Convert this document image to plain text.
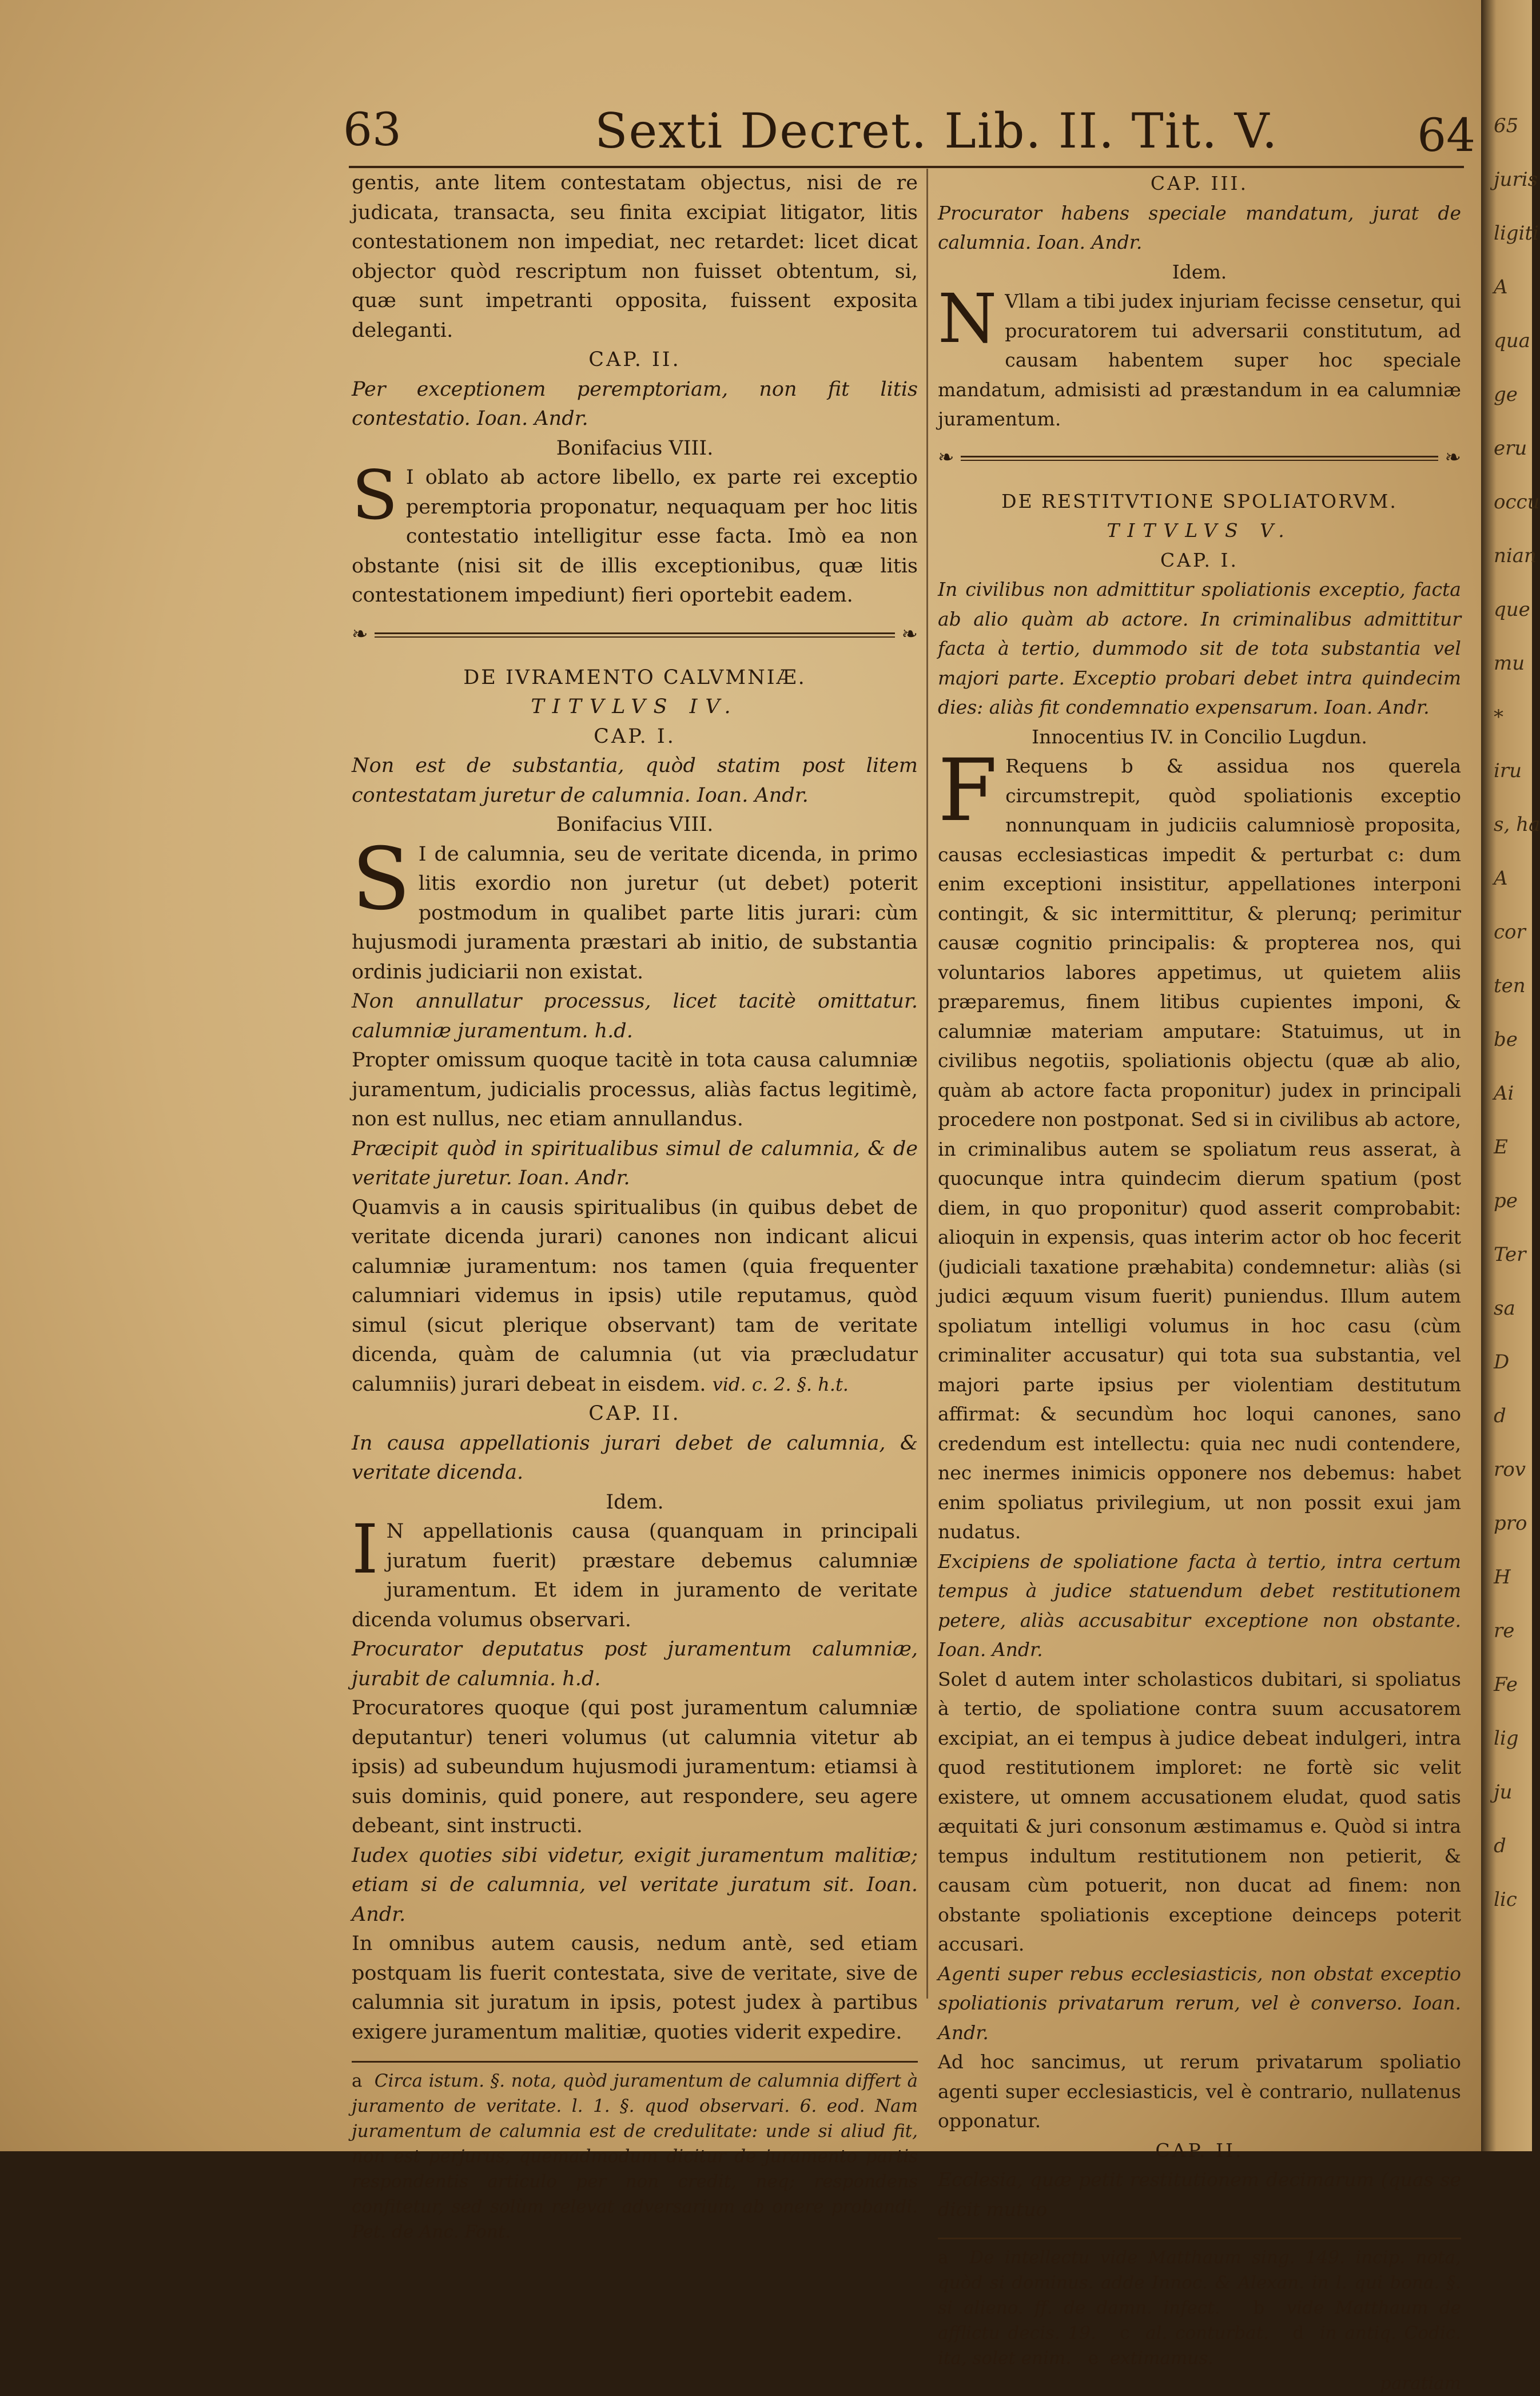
63	Sexti Decret. Lib. II. Tit. V.	64

gentis, ante litem contestatam objectus, nisi de re judicata, transacta, seu finita excipiat litigator, litis contestationem non impediat, nec retardet: licet dicat objector quòd rescriptum non fuisset obtentum, si, quæ sunt impetranti opposita, fuissent exposita deleganti.

CAP. II.

Per exceptionem peremptoriam, non fit litis contestatio. Ioan. Andr.

Bonifacius VIII.

S I oblato ab actore libello, ex parte rei exceptio peremptoria proponatur, nequaquam per hoc litis contestatio intelligitur esse facta. Imò ea non obstante (nisi sit de illis exceptionibus, quæ litis contestationem impediunt) fieri oportebit eadem.

❧ ❧

DE IVRAMENTO CALVMNIÆ.

TITVLVS IV.

CAP. I.

Non est de substantia, quòd statim post litem contestatam juretur de calumnia. Ioan. Andr.

Bonifacius VIII.

S I de calumnia, seu de veritate dicenda, in primo litis exordio non juretur (ut debet) poterit postmodum in qualibet parte litis jurari: cùm hujusmodi juramenta præstari ab initio, de substantia ordinis judiciarii non existat.

Non annullatur processus, licet tacitè omittatur. calumniæ juramentum. h.d.

Propter omissum quoque tacitè in tota causa calumniæ juramentum, judicialis processus, aliàs factus legitimè, non est nullus, nec etiam annullandus.

Præcipit quòd in spiritualibus simul de calumnia, & de veritate juretur. Ioan. Andr.

Quamvis a in causis spiritualibus (in quibus debet de veritate dicenda jurari) canones non indicant alicui calumniæ juramentum: nos tamen (quia frequenter calumniari videmus in ipsis) utile reputamus, quòd simul (sicut plerique observant) tam de veritate dicenda, quàm de calumnia (ut via præcludatur calumniis) jurari debeat in eisdem. vid. c. 2. §. h.t.

CAP. II.

In causa appellationis jurari debet de calumnia, & veritate dicenda.

Idem.

I N appellationis causa (quanquam in principali juratum fuerit) præstare debemus calumniæ juramentum. Et idem in juramento de veritate dicenda volumus observari.

Procurator deputatus post juramentum calumniæ, jurabit de calumnia. h.d.

Procuratores quoque (qui post juramentum calumniæ deputantur) teneri volumus (ut calumnia vitetur ab ipsis) ad subeundum hujusmodi juramentum: etiamsi à suis dominis, quid ponere, aut respondere, seu agere debeant, sint instructi.

Iudex quoties sibi videtur, exigit juramentum malitiæ; etiam si de calumnia, vel veritate juratum sit. Ioan. Andr.

In omnibus autem causis, nedum antè, sed etiam postquam lis fuerit contestata, sive de veritate, sive de calumnia sit juratum in ipsis, potest judex à partibus exigere juramentum malitiæ, quoties viderit expedire.

a Circa istum. §. nota, quòd juramentum de calumnia differt à juramento de veritate. l. 1. §. quod observari. 6. eod. Nam juramentum de calumnia est de credulitate: unde si aliud fit, non est perjurus, quemadmodum dicitur de juramento partis respondentis articulo per non credit, neq; respondens confitetur, sed solùm relevat adversarium ab onere probandi. Pet. de Anc. Font.

CAP. III.

Procurator habens speciale mandatum, jurat de calumnia. Ioan. Andr.

Idem.

N Vllam a tibi judex injuriam fecisse censetur, qui procuratorem tui adversarii constitutum, ad causam habentem super hoc speciale mandatum, admisisti ad præstandum in ea calumniæ juramentum.

❧ ❧

DE RESTITVTIONE SPOLIATORVM.

TITVLVS V.

CAP. I.

In civilibus non admittitur spoliationis exceptio, facta ab alio quàm ab actore. In criminalibus admittitur facta à tertio, dummodo sit de tota substantia vel majori parte. Exceptio probari debet intra quindecim dies: aliàs fit condemnatio expensarum. Ioan. Andr.

Innocentius IV. in Concilio Lugdun.

F Requens b & assidua nos querela circumstrepit, quòd spoliationis exceptio nonnunquam in judiciis calumniosè proposita, causas ecclesiasticas impedit & perturbat c: dum enim exceptioni insistitur, appellationes interponi contingit, & sic intermittitur, & plerunq; perimitur causæ cognitio principalis: & propterea nos, qui voluntarios labores appetimus, ut quietem aliis præparemus, finem litibus cupientes imponi, & calumniæ materiam amputare: Statuimus, ut in civilibus negotiis, spoliationis objectu (quæ ab alio, quàm ab actore facta proponitur) judex in principali procedere non postponat. Sed si in civilibus ab actore, in criminalibus autem se spoliatum reus asserat, à quocunque intra quindecim dierum spatium (post diem, in quo proponitur) quod asserit comprobabit: alioquin in expensis, quas interim actor ob hoc fecerit (judiciali taxatione præhabita) condemnetur: aliàs (si judici æquum visum fuerit) puniendus. Illum autem spoliatum intelligi volumus in hoc casu (cùm criminaliter accusatur) qui tota sua substantia, vel majori parte ipsius per violentiam destitutum affirmat: & secundùm hoc loqui canones, sano credendum est intellectu: quia nec nudi contendere, nec inermes inimicis opponere nos debemus: habet enim spoliatus privilegium, ut non possit exui jam nudatus.

Excipiens de spoliatione facta à tertio, intra certum tempus à judice statuendum debet restitutionem petere, aliàs accusabitur exceptione non obstante. Ioan. Andr.

Solet d autem inter scholasticos dubitari, si spoliatus à tertio, de spoliatione contra suum accusatorem excipiat, an ei tempus à judice debeat indulgeri, intra quod restitutionem imploret: ne fortè sic velit existere, ut omnem accusationem eludat, quod satis æquitati & juri consonum æstimamus e. Quòd si intra tempus indultum restitutionem non petierit, & causam cùm potuerit, non ducat ad finem: non obstante spoliationis exceptione deinceps poterit accusari.

Agenti super rebus ecclesiasticis, non obstat exceptio spoliationis privatarum rerum, vel è converso. Ioan. Andr.

Ad hoc sancimus, ut rerum privatarum spoliatio agenti super ecclesiasticis, vel è contrario, nullatenus opponatur.

CAP. II.

Ecclesia, quæ petit restitutionem decimarum (quas se dicit mutuo

a De intellectu vide Matthaum sing. 149. incip. nota, quòd si dominus. adde Innoc. & Alexan. in l. qui bona. §. si alieno. ff. de damn. infect. b vide Matthaum de afflictu decis. 19. c al. conturbat. d in antiq. Codic. ita, solet enim. e extimamus.

paratiam

65
juris
ligiti
A
qua
ge
eru
occu
nian
que
mu
*
iru
s, ha
A
cor
ten
be
Ai
E
pe
Ter
sa
D
d
rov
pro
H
re
Fe
lig
ju
d
lic
